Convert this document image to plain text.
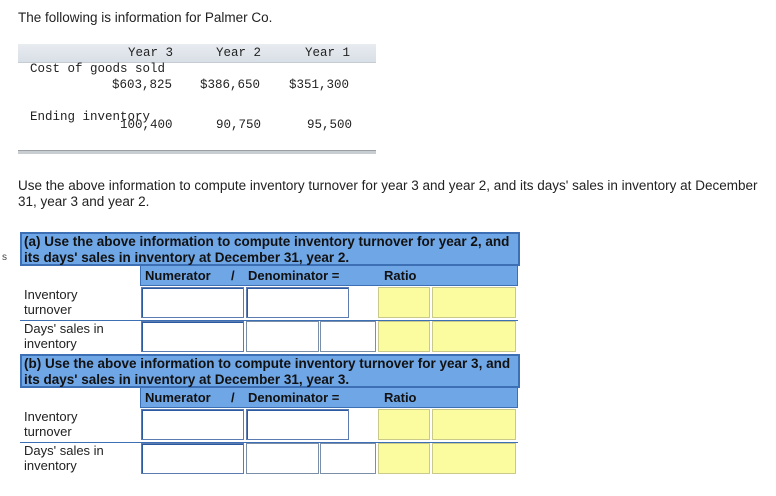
The following is information for Palmer Co.
Year 3	Year 2	Year 1
Cost of goods sold
$603,825 $386,650 $351,300
Ending inventory
100,400	90,750	95,500
Use the above information to compute inventory turnover for year 3 and year 2, and its days' sales in inventory at December 31, year 3 and year 2.
s
(a) Use the above information to compute inventory turnover for year 2, and its days' sales in inventory at December 31, year 2.
Numerator / Denominator =	Ratio
Inventory
turnover
Days' sales in
inventory
(b) Use the above information to compute inventory turnover for year 3, and its days' sales in inventory at December 31, year 3.
Numerator / Denominator =	Ratio
Inventory
turnover
Days' sales in
inventory
